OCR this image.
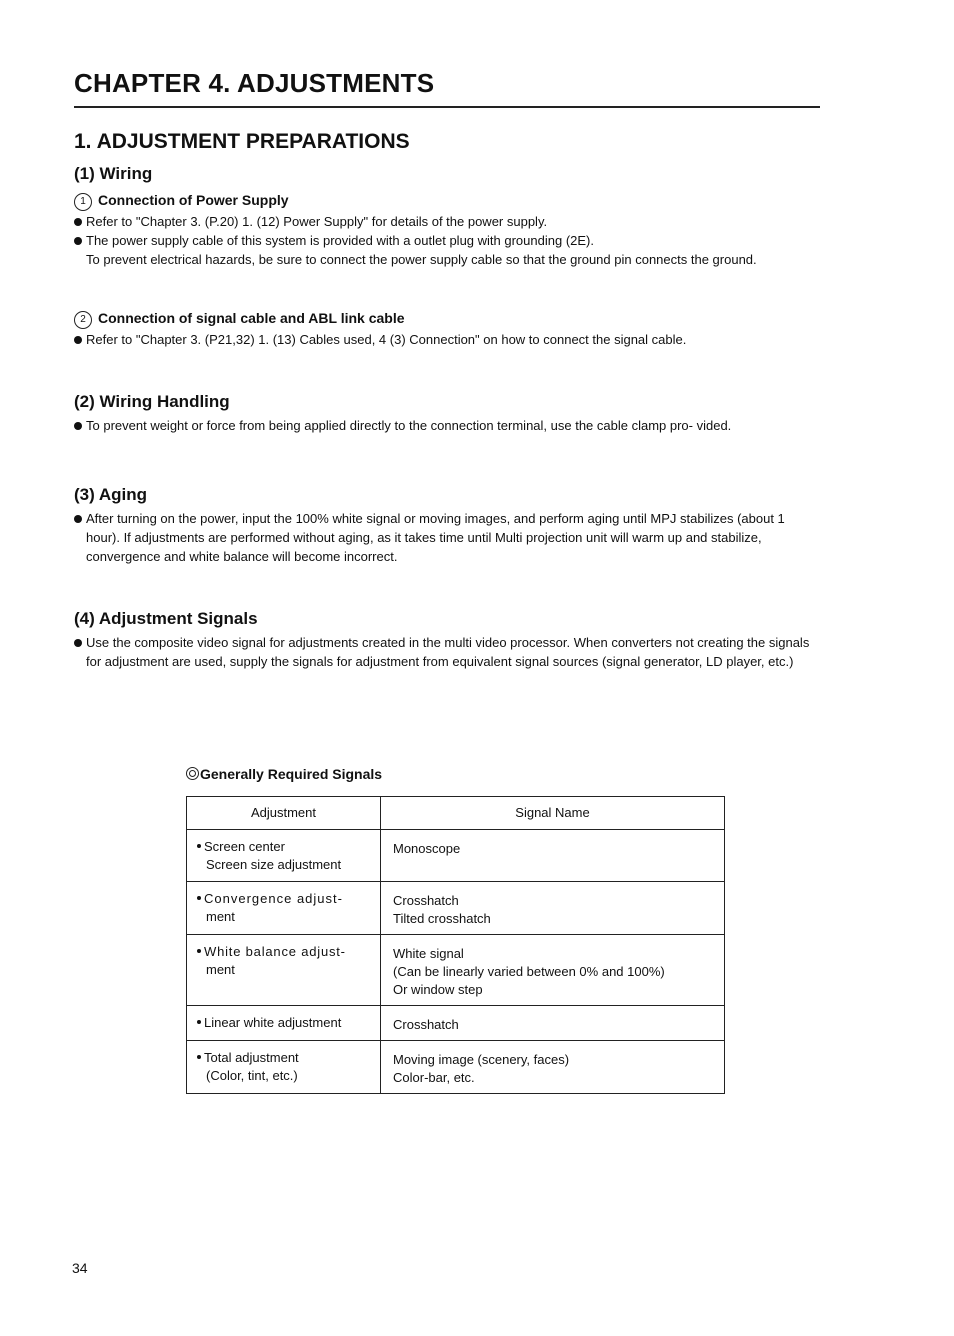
CHAPTER 4. ADJUSTMENTS
1. ADJUSTMENT PREPARATIONS
(1) Wiring
1 Connection of Power Supply
Refer to "Chapter 3. (P.20) 1. (12) Power Supply" for details of the power supply.
The power supply cable of this system is provided with a outlet plug with grounding (2E).
To prevent electrical hazards, be sure to connect the power supply cable so that the ground pin connects the ground.
2 Connection of signal cable and ABL link cable
Refer to "Chapter 3. (P21,32) 1. (13) Cables used, 4 (3) Connection" on how to connect the signal cable.
(2) Wiring Handling
To prevent weight or force from being applied directly to the connection terminal, use the cable clamp pro- vided.
(3) Aging
After turning on the power, input the 100% white signal or moving images, and perform aging until MPJ stabilizes (about 1 hour). If adjustments are performed without aging, as it takes time until Multi projection unit will warm up and stabilize, convergence and white balance will become incorrect.
(4) Adjustment Signals
Use the composite video signal for adjustments created in the multi video processor. When converters not creating the signals for adjustment are used, supply the signals for adjustment from equivalent signal sources (signal generator, LD player, etc.)
Generally Required Signals
Adjustment	Signal Name

Screen center
Screen size adjustment	Monoscope

Convergence adjust-
ment	Crosshatch
Tilted crosshatch

White balance adjust-
ment	White signal
(Can be linearly varied between 0% and 100%)
Or window step

Linear white adjustment	Crosshatch

Total adjustment
(Color, tint, etc.)	Moving image (scenery, faces)
Color-bar, etc.
34
